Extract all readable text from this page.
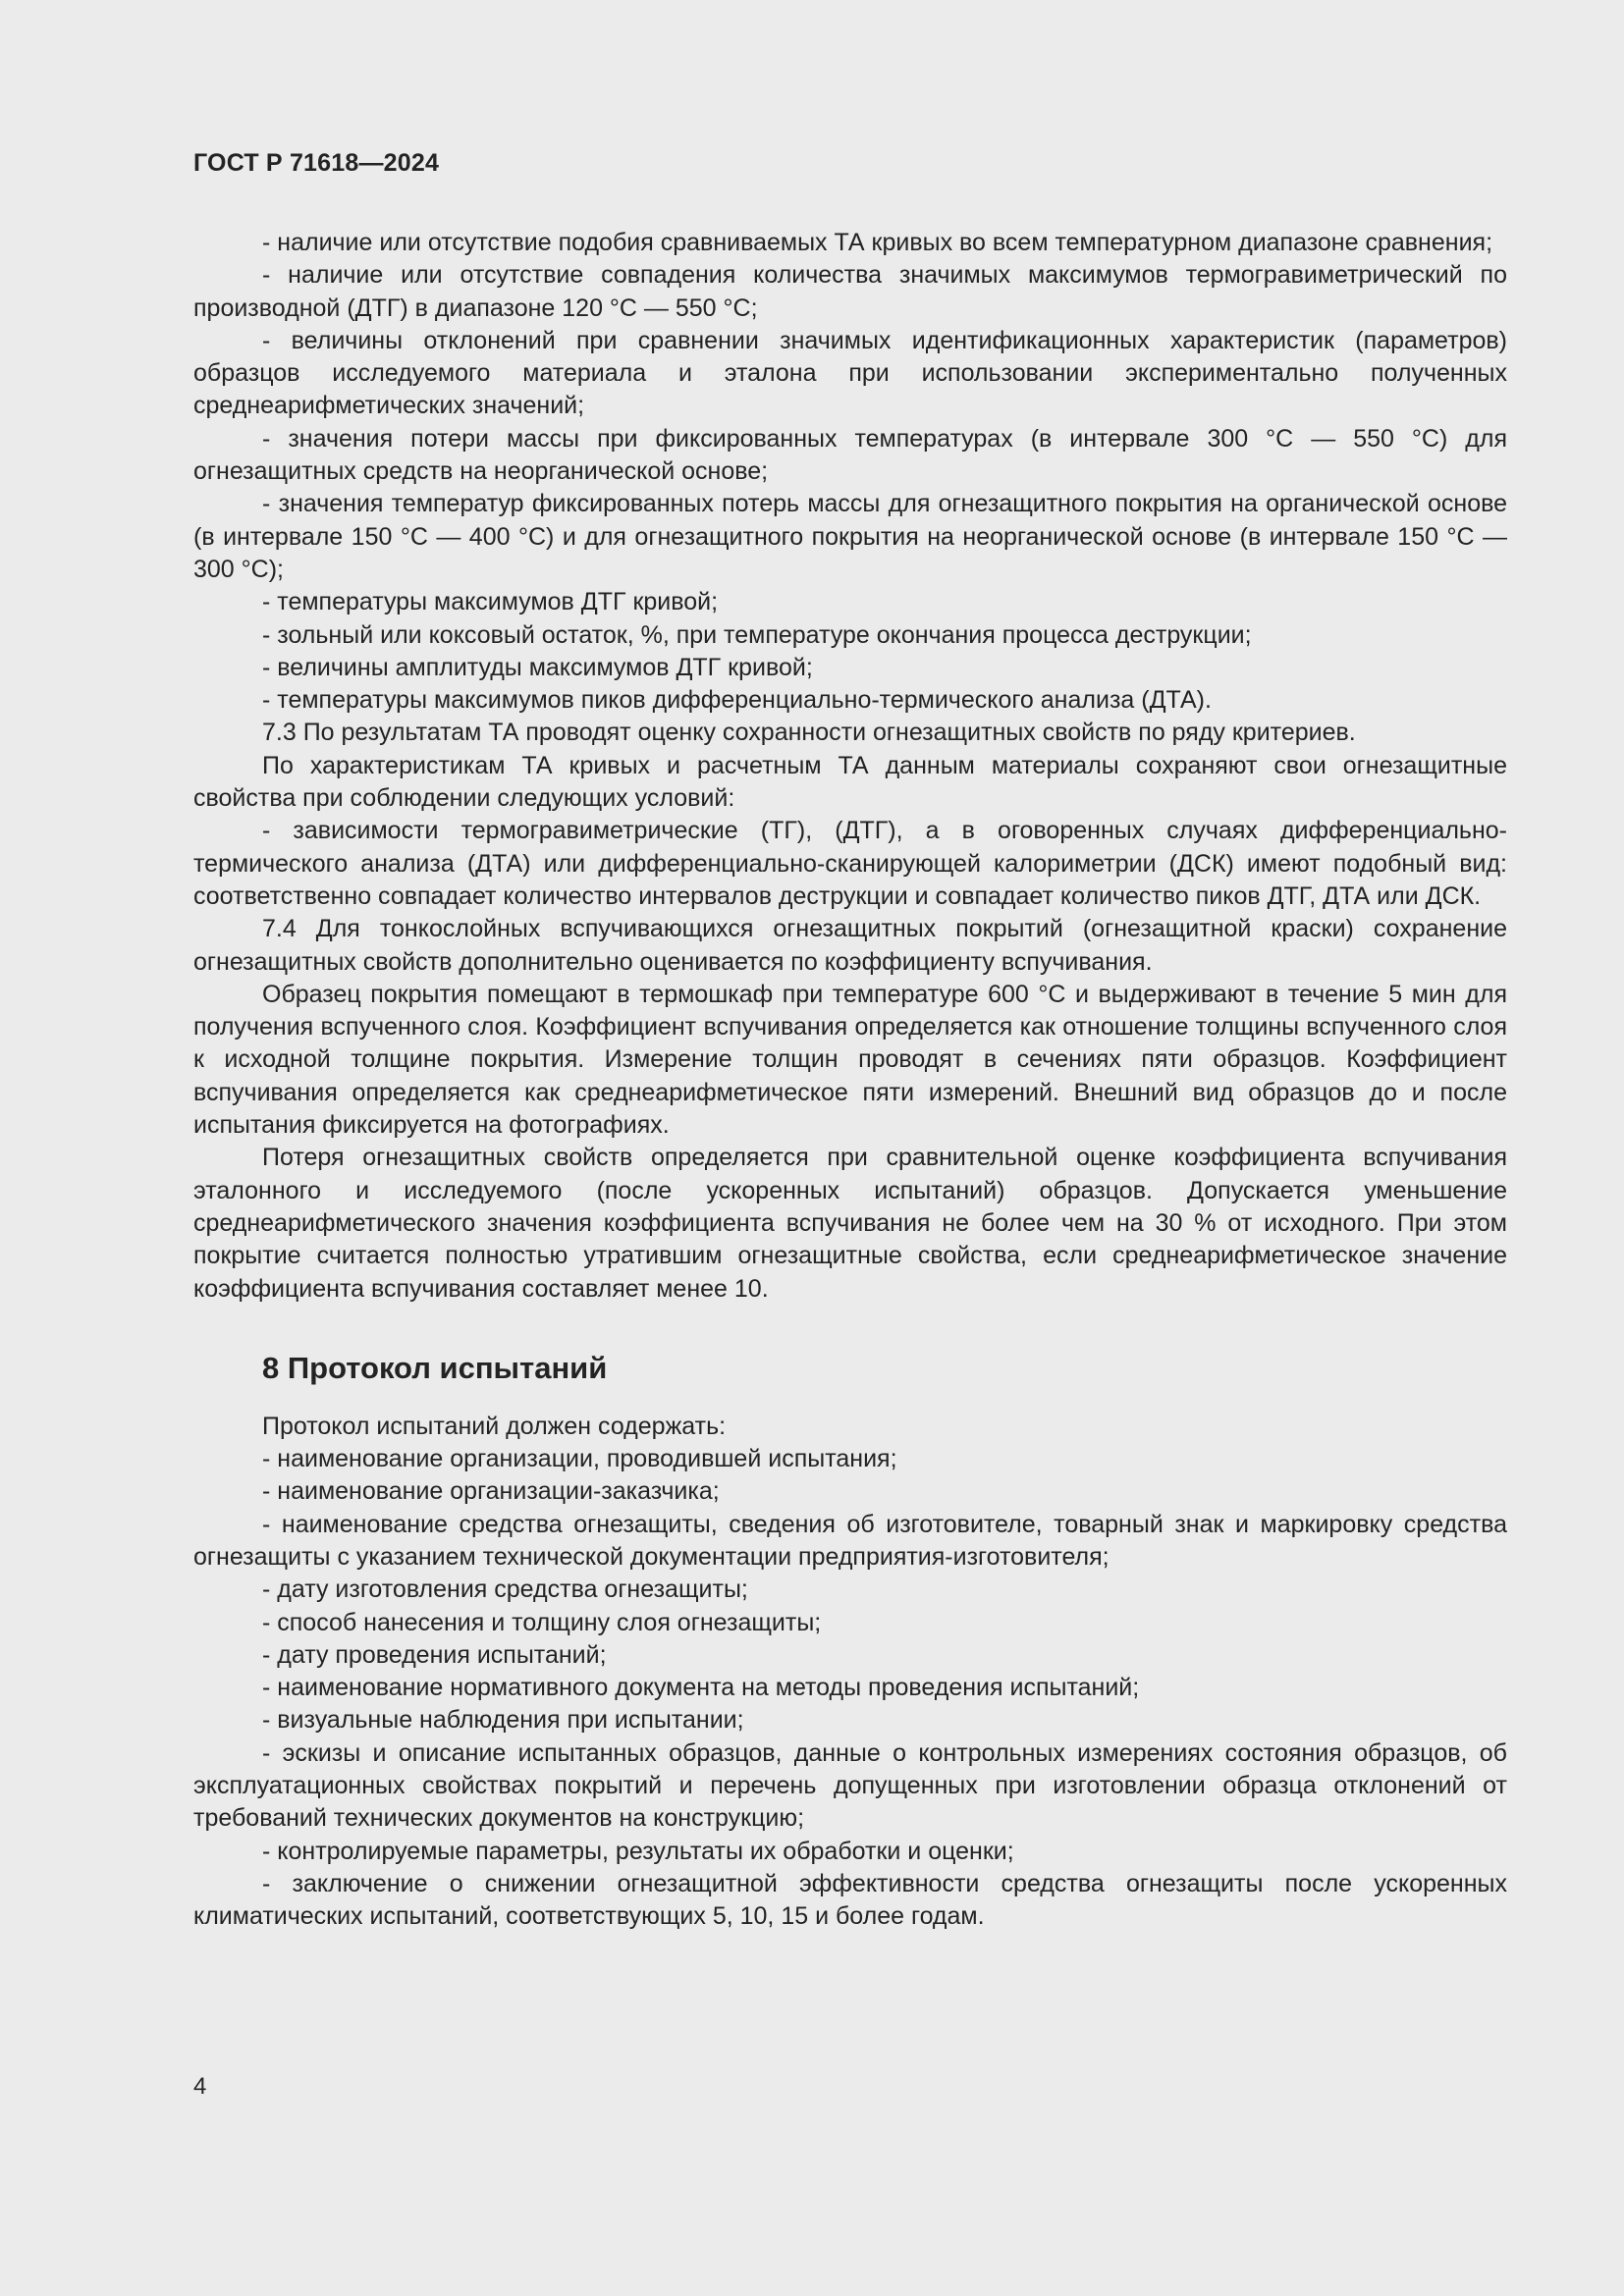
ГОСТ Р 71618—2024

- наличие или отсутствие подобия сравниваемых ТА кривых во всем температурном диапазоне сравнения;

- наличие или отсутствие совпадения количества значимых максимумов термогравиметрический по производной (ДТГ) в диапазоне 120 °С — 550 °С;

- величины отклонений при сравнении значимых идентификационных характеристик (параметров) образцов исследуемого материала и эталона при использовании экспериментально полученных среднеарифметических значений;

- значения потери массы при фиксированных температурах (в интервале 300 °С — 550 °С) для огнезащитных средств на неорганической основе;

- значения температур фиксированных потерь массы для огнезащитного покрытия на органической основе (в интервале 150 °С — 400 °С) и для огнезащитного покрытия на неорганической основе (в интервале 150 °С — 300 °С);

- температуры максимумов ДТГ кривой;

- зольный или коксовый остаток, %, при температуре окончания процесса деструкции;

- величины амплитуды максимумов ДТГ кривой;

- температуры максимумов пиков дифференциально-термического анализа (ДТА).

7.3 По результатам ТА проводят оценку сохранности огнезащитных свойств по ряду критериев.

По характеристикам ТА кривых и расчетным ТА данным материалы сохраняют свои огнезащитные свойства при соблюдении следующих условий:

- зависимости термогравиметрические (ТГ), (ДТГ), а в оговоренных случаях дифференциально-термического анализа (ДТА) или дифференциально-сканирующей калориметрии (ДСК) имеют подобный вид: соответственно совпадает количество интервалов деструкции и совпадает количество пиков ДТГ, ДТА или ДСК.

7.4 Для тонкослойных вспучивающихся огнезащитных покрытий (огнезащитной краски) сохранение огнезащитных свойств дополнительно оценивается по коэффициенту вспучивания.

Образец покрытия помещают в термошкаф при температуре 600 °С и выдерживают в течение 5 мин для получения вспученного слоя. Коэффициент вспучивания определяется как отношение толщины вспученного слоя к исходной толщине покрытия. Измерение толщин проводят в сечениях пяти образцов. Коэффициент вспучивания определяется как среднеарифметическое пяти измерений. Внешний вид образцов до и после испытания фиксируется на фотографиях.

Потеря огнезащитных свойств определяется при сравнительной оценке коэффициента вспучивания эталонного и исследуемого (после ускоренных испытаний) образцов. Допускается уменьшение среднеарифметического значения коэффициента вспучивания не более чем на 30 % от исходного. При этом покрытие считается полностью утратившим огнезащитные свойства, если среднеарифметическое значение коэффициента вспучивания составляет менее 10.

8 Протокол испытаний

Протокол испытаний должен содержать:

- наименование организации, проводившей испытания;

- наименование организации-заказчика;

- наименование средства огнезащиты, сведения об изготовителе, товарный знак и маркировку средства огнезащиты с указанием технической документации предприятия-изготовителя;

- дату изготовления средства огнезащиты;

- способ нанесения и толщину слоя огнезащиты;

- дату проведения испытаний;

- наименование нормативного документа на методы проведения испытаний;

- визуальные наблюдения при испытании;

- эскизы и описание испытанных образцов, данные о контрольных измерениях состояния образцов, об эксплуатационных свойствах покрытий и перечень допущенных при изготовлении образца отклонений от требований технических документов на конструкцию;

- контролируемые параметры, результаты их обработки и оценки;

- заключение о снижении огнезащитной эффективности средства огнезащиты после ускоренных климатических испытаний, соответствующих 5, 10, 15 и более годам.

4
